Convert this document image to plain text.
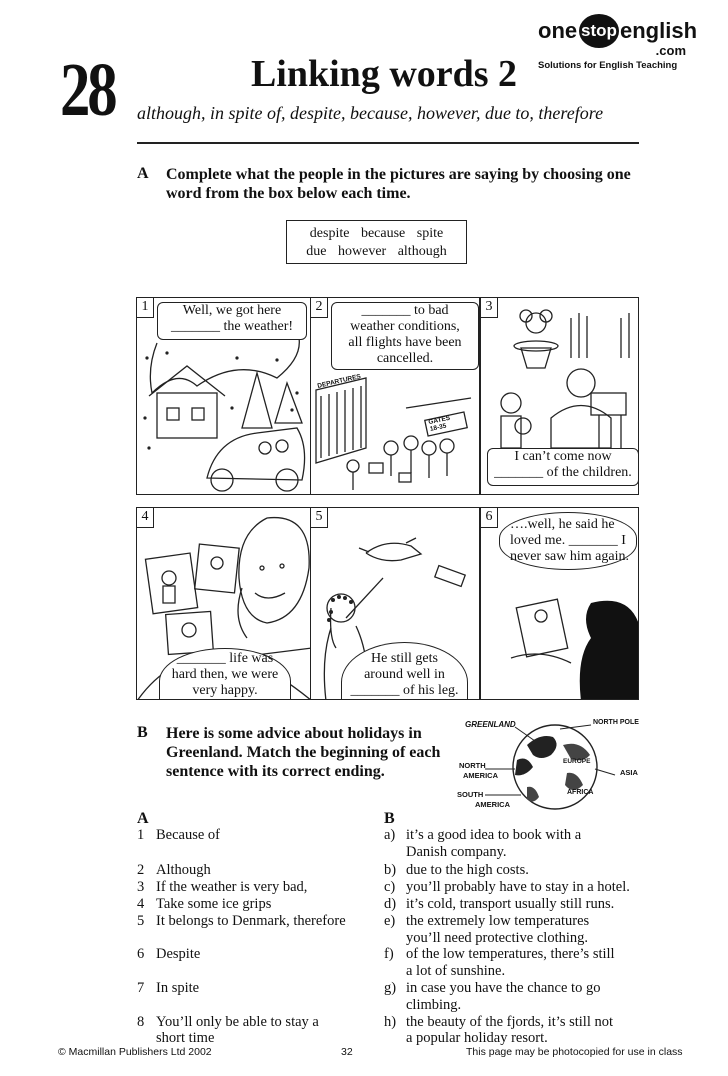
28	Linking words 2
although, in spite of, despite, because, however, due to, therefore
one stop english
.com
Solutions for English Teaching
A Complete what the people in the pictures are saying by choosing one
word from the box below each time.
despite because spite
due however although
1	Well, we got here
_______ the weather!
2
DEPARTURES
GATES 18-35
_______ to bad
weather conditions,
all flights have been
cancelled.
3
I can’t come now
_______ of the children.
4
_______ life was
hard then, we were
very happy.
5
He still gets
around well in
_______ of his leg.
6
….well, he said he
loved me. _______ I
never saw him again.
B Here is some advice about holidays in
Greenland. Match the beginning of each
sentence with its correct ending.
GREENLAND	NORTH POLE
NORTH
AMERICA
EUROPE
ASIA
SOUTH
AMERICA
AFRICA
A	B
1 Because of
2 Although
3 If the weather is very bad,
4 Take some ice grips
5 It belongs to Denmark, therefore
6 Despite
7 In spite
8 You’ll only be able to stay a
short time
a) it’s a good idea to book with a
Danish company.
b) due to the high costs.
c) you’ll probably have to stay in a hotel.
d) it’s cold, transport usually still runs.
e) the extremely low temperatures
you’ll need protective clothing.
f) of the low temperatures, there’s still
a lot of sunshine.
g) in case you have the chance to go
climbing.
h) the beauty of the fjords, it’s still not
a popular holiday resort.
© Macmillan Publishers Ltd 2002	32	This page may be photocopied for use in class
